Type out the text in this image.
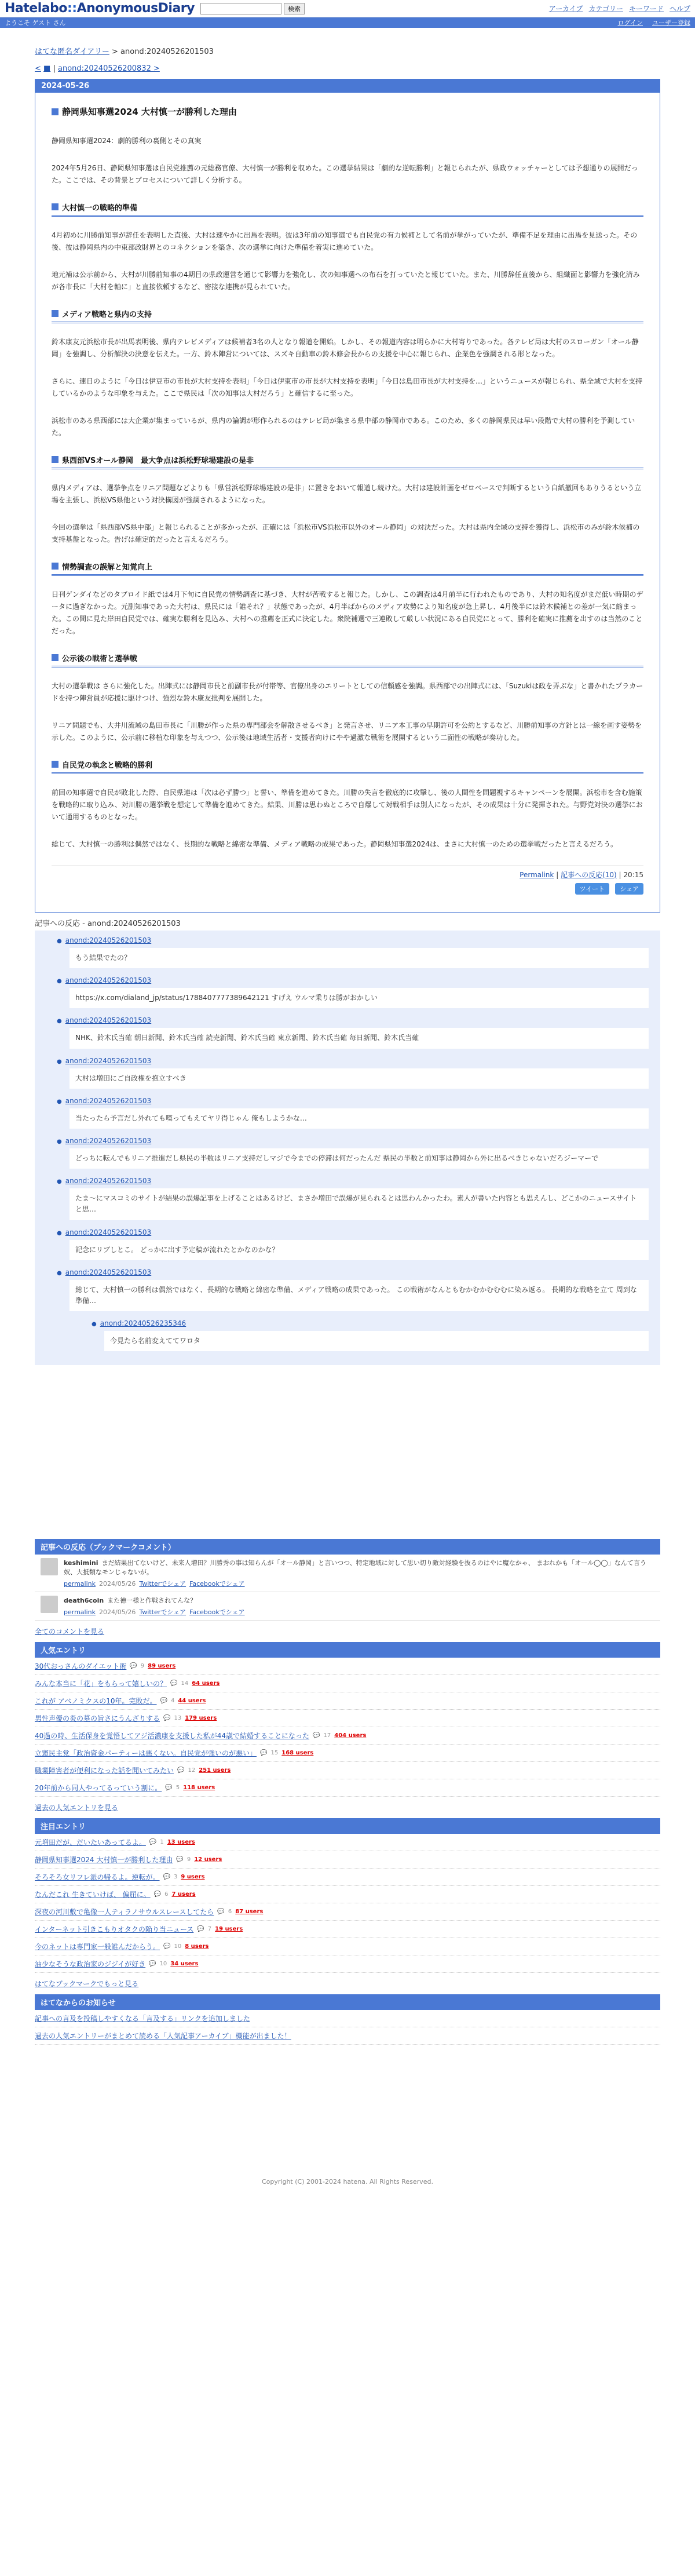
Hatelabo::AnonymousDiary	検索	アーカイブ カテゴリー キーワード ヘルプ
ようこそ ゲスト さん	ログイン ユーザー登録
はてな匿名ダイアリー > anond:20240526201503
< ■ | anond:20240526200832 >
2024-05-26
静岡県知事選2024 大村慎一が勝利した理由

静岡県知事選2024：劇的勝利の裏側とその真実

2024年5月26日、静岡県知事選は自民党推薦の元総務官僚、大村慎一が勝利を収めた。この選挙結果は「劇的な逆転勝利」と報じられたが、県政ウォッチャーとしては予想通りの展開だった。ここでは、その背景とプロセスについて詳しく分析する。

大村慎一の戦略的準備

4月初めに川勝前知事が辞任を表明した直後、大村は速やかに出馬を表明。彼は3年前の知事選でも自民党の有力候補として名前が挙がっていたが、準備不足を理由に出馬を見送った。その後、彼は静岡県内の中東部政財界とのコネクションを築き、次の選挙に向けた準備を着実に進めていた。

地元補は公示前から、大村が川勝前知事の4期目の県政運営を通じて影響力を強化し、次の知事選への布石を打っていたと報じていた。また、川勝辞任直後から、組織面と影響力を強化済みが各市長に「大村を軸に」と直接依頼するなど、密接な連携が見られていた。

メディア戦略と県内の支持

鈴木康友元浜松市長が出馬表明後、県内テレビメディアは候補者3名の人となり報道を開始。しかし、その報道内容は明らかに大村寄りであった。各テレビ局は大村のスローガン「オール静岡」を強調し、分析解決の決意を伝えた。一方、鈴木陣営については、スズキ自動車の鈴木修会長からの支援を中心に報じられ、企業色を強調される形となった。

さらに、連日のように「今日は伊豆市の市長が大村支持を表明」「今日は伊東市の市長が大村支持を表明」「今日は島田市長が大村支持を…」というニュースが報じられ、県全域で大村を支持しているかのような印象を与えた。ここで県民は「次の知事は大村だろう」と確信するに至った。

浜松市のある県西部には大企業が集まっているが、県内の論調が形作られるのはテレビ局が集まる県中部の静岡市である。このため、多くの静岡県民は早い段階で大村の勝利を予測していた。

県西部VSオール静岡　最大争点は浜松野球場建設の是非

県内メディアは、選挙争点をリニア問題などよりも「県営浜松野球場建設の是非」に置きをおいて報道し続けた。大村は建設計画をゼロベースで判断するという白紙撤回もありうるという立場を主張し、浜松VS県他という対決構図が強調されるようになった。

今回の選挙は「県西部VS県中部」と報じられることが多かったが、正確には「浜松市VS浜松市以外のオール静岡」の対決だった。大村は県内全域の支持を獲得し、浜松市のみが鈴木候補の支持基盤となった。告げは確定的だったと言えるだろう。

情勢調査の誤解と知覚向上

日刊ゲンダイなどのタブロイド紙では4月下旬に自民党の情勢調査に基づき、大村が苦戦すると報じた。しかし、この調査は4月前半に行われたものであり、大村の知名度がまだ低い時期のデータに過ぎなかった。元副知事であった大村は、県民には「誰それ？」状態であったが、4月半ばからのメディア攻勢により知名度が急上昇し、4月後半には鈴木候補との差が一気に縮まった。この間に見た岸田自民党では、確実な勝利を見込み、大村への推薦を正式に決定した。衆院補選で三連敗して厳しい状況にある自民党にとって、勝利を確実に推薦を出すのは当然のことだった。

公示後の戦術と選挙戦

大村の選挙戦は さらに強化した。出陣式には静岡市長と前副市長が付帯等、官僚出身のエリートとしての信頼感を強調。県西部での出陣式には、「Suzukiは政を弄ぶな」と書かれたプラカードを持つ陣営員が応援に駆けつけ、強烈な鈴木康友批判を展開した。

リニア問題でも、大井川流域の島田市長に「川勝が作った県の専門部会を解散させるべき」と発言させ、リニア本工事の早期許可を公約とするなど、川勝前知事の方針とは一線を画す姿勢を示した。このように、公示前に移植な印象を与えつつ、公示後は地域生活者・支援者向けにやや過激な戦術を展開するという二面性の戦略が奏功した。

自民党の執念と戦略的勝利

前回の知事選で自民が敗北した際、自民県連は「次は必ず勝つ」と誓い、準備を進めてきた。川勝の失言を徹底的に攻撃し、後の人間性を問題視するキャンペーンを展開。浜松市を含む施策を戦略的に取り込み、対川勝の選挙戦を想定して準備を進めてきた。結果、川勝は思わぬところで自爆して対戦相手は別人になったが、その成果は十分に発揮された。与野党対決の選挙において通用するものとなった。

総じて、大村慎一の勝利は偶然ではなく、長期的な戦略と綿密な準備、メディア戦略の成果であった。静岡県知事選2024は、まさに大村慎一のための選挙戦だったと言えるだろう。

Permalink | 記事への反応(10) | 20:15
ツイート シェア
記事への反応 - anond:20240526201503
● anond:20240526201503
もう結果でたの？
● anond:20240526201503
https://x.com/dialand_jp/status/1788407777389642121 すげえ ウルマ乗りは勝がおかしい
● anond:20240526201503
NHK、鈴木氏当確 朝日新聞、鈴木氏当確 読売新聞、鈴木氏当確 東京新聞、鈴木氏当確 毎日新聞、鈴木氏当確
● anond:20240526201503
大村は増田にご自政権を抱立すべき
● anond:20240526201503
当たったら予言だし外れても嘆ってもえてヤリ得じゃん 俺もしようかな…
● anond:20240526201503
どっちに転んでもリニア推進だし県民の半数はリニア支持だしマジで今までの停滞は何だったんだ 県民の半数と前知事は静岡から外に出るべきじゃないだろジーマーで
● anond:20240526201503
たま〜にマスコミのサイトが結果の誤爆記事を上げることはあるけど、まさか増田で誤爆が見られるとは思わんかったわ。素人が書いた内容とも思えんし、どこかのニュースサイトと思…
● anond:20240526201503
記念にリブしとこ。 どっかに出す予定稿が流れたとかなのかな？
● anond:20240526201503
総じて、大村慎一の勝利は偶然ではなく、長期的な戦略と綿密な準備、メディア戦略の成果であった。 この戦術がなんともむかむかむむむに染み返る。 長期的な戦略を立て 周到な準備…
● anond:20240526235346
今見たら名前変えててワロタ
記事への反応（ブックマークコメント）
keshimini まだ結果出てないけど、未来人増田？川勝秀の事は知らんが「オール静岡」と言いつつ、特定地域に対して思い切り敵対経験を抜るのはやに魔なかゃ、 まおれかも「オール◯◯」なんて言う奴、大抵類なモンじゃないが。
permalink 2024/05/26 Twitterでシェア Facebookでシェア
death6coin また徳一様と作戦されてんな？
permalink 2024/05/26 Twitterでシェア Facebookでシェア
全てのコメントを見る
人気エントリ
30代おっさんのダイエット術 💬 9 89 users
みんな本当に「花」をもらって嬉しいの？ 💬 14 64 users
これが アベノミクスの10年。完敗だ。 💬 4 44 users
男性声優の炎の墓の旨さにうんざりする 💬 13 179 users
40過の時、生活保身を覚悟してアジ活濃康を支援した私が44歳で結婚することになった 💬 17 404 users
立憲民主党「政治資金パーティーは悪くない。自民党が強いのが悪い」 💬 15 168 users
職業障害者が便利になった話を聞いてみたい 💬 12 251 users
20年前から同人やってるっていう割に。 💬 5 118 users
過去の人気エントリを見る
注目エントリ
元増田だが、だいたいあってるよ。 💬 1 13 users
静岡県知事選2024 大村慎一が勝利した理由 💬 9 12 users
そろそろ女リフレ派の帰るよ。逆転が。 💬 3 9 users
なんだこれ 生きていけば、 偏屈に。 💬 6 7 users
深夜の河川敷で亀像一人ティラノサウルスレースしてたら 💬 6 87 users
インターネット引きこもりオタクの陥り当ニュース 💬 7 19 users
今のネットは専門家一般誰んだからう。 💬 10 8 users
油少なそうな政治家のジジイが好き 💬 10 34 users
はてなブックマークでもっと見る
はてなからのお知らせ
記事への言及を投稿しやすくなる「言及する」リンクを追加しました
過去の人気エントリーがまとめて読める「人気記事アーカイブ」機能が出ました！
Copyright (C) 2001-2024 hatena. All Rights Reserved.
